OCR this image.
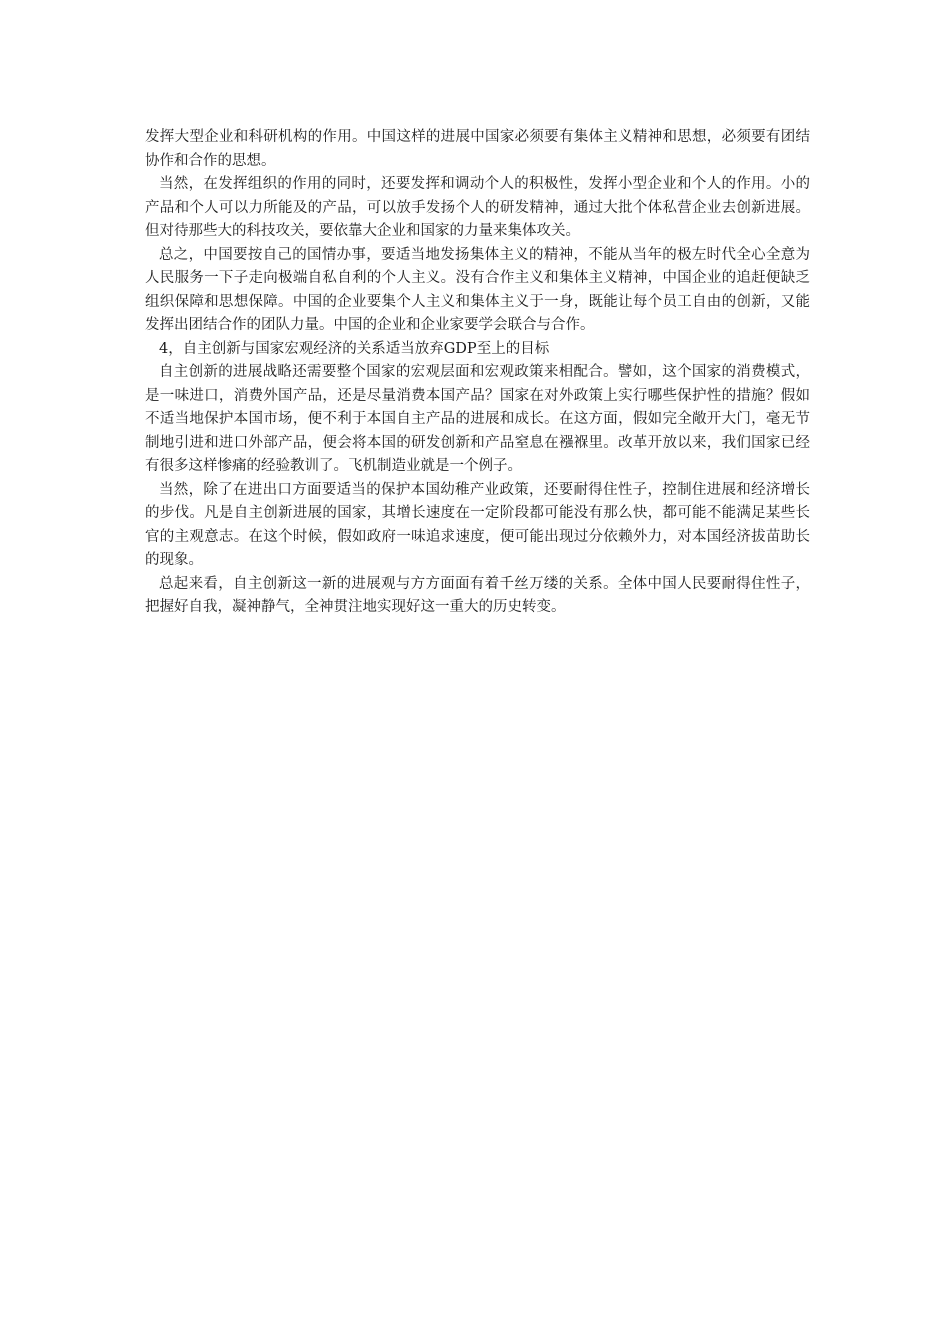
发挥大型企业和科研机构的作用。中国这样的进展中国家必须要有集体主义精神和思想，必须要有团结协作和合作的思想。

当然，在发挥组织的作用的同时，还要发挥和调动个人的积极性，发挥小型企业和个人的作用。小的产品和个人可以力所能及的产品，可以放手发扬个人的研发精神，通过大批个体私营企业去创新进展。但对待那些大的科技攻关，要依靠大企业和国家的力量来集体攻关。

总之，中国要按自己的国情办事，要适当地发扬集体主义的精神，不能从当年的极左时代全心全意为人民服务一下子走向极端自私自利的个人主义。没有合作主义和集体主义精神，中国企业的追赶便缺乏组织保障和思想保障。中国的企业要集个人主义和集体主义于一身，既能让每个员工自由的创新，又能发挥出团结合作的团队力量。中国的企业和企业家要学会联合与合作。

4，自主创新与国家宏观经济的关系适当放弃GDP至上的目标

自主创新的进展战略还需要整个国家的宏观层面和宏观政策来相配合。譬如，这个国家的消费模式，是一味进口，消费外国产品，还是尽量消费本国产品？国家在对外政策上实行哪些保护性的措施？假如不适当地保护本国市场，便不利于本国自主产品的进展和成长。在这方面，假如完全敞开大门，毫无节制地引进和进口外部产品，便会将本国的研发创新和产品窒息在襁褓里。改革开放以来，我们国家已经有很多这样惨痛的经验教训了。飞机制造业就是一个例子。

当然，除了在进出口方面要适当的保护本国幼稚产业政策，还要耐得住性子，控制住进展和经济增长的步伐。凡是自主创新进展的国家，其增长速度在一定阶段都可能没有那么快，都可能不能满足某些长官的主观意志。在这个时候，假如政府一味追求速度，便可能出现过分依赖外力，对本国经济拔苗助长的现象。

总起来看，自主创新这一新的进展观与方方面面有着千丝万缕的关系。全体中国人民要耐得住性子，把握好自我，凝神静气，全神贯注地实现好这一重大的历史转变。
